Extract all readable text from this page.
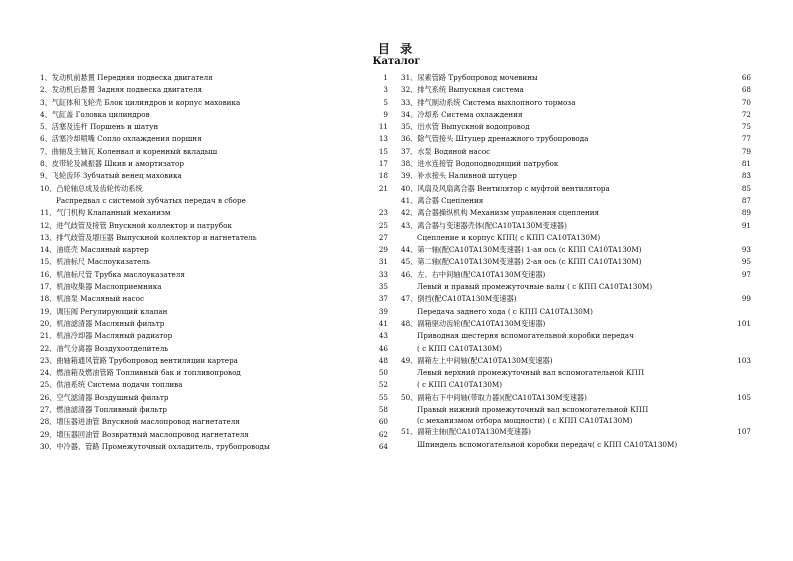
目 录
Каталог
1、发动机前悬置 Передняя подвеска двигателя	1
2、发动机后悬置 Задняя подвеска двигателя	3
3、气缸体和飞轮壳 Блок цилиндров и корпус маховика	5
4、气缸盖 Головка цилиндров	9
5、活塞及连杆 Поршень и шатун	11
6、活塞冷却喷嘴 Сопло охлаждения поршня	13
7、曲轴及主轴瓦 Коленвал и коренный вкладыш	15
8、皮带轮及减振器 Шкив и амортизатор	17
9、飞轮齿环 Зубчатый венец маховика	18
10、凸轮轴总成及齿轮传动系统	21
Распредвал с системой зубчатых передач в сборе
11、气门机构 Клапанный механизм	23
12、进气歧管及接管 Впускной коллектор и патрубок	25
13、排气歧管及增压器 Выпускной коллектор и нагнетатель	27
14、油底壳 Масляный картер	29
15、机油标尺 Маслоуказатель	31
16、机油标尺管 Трубка маслоуказателя	33
17、机油收集器 Маслоприемника	35
18、机油泵 Масляный насос	37
19、调压阀 Регулирующий клапан	39
20、机油滤清器 Масляный фильтр	41
21、机油冷却器 Масляный радиатор	43
22、油气分离器 Воздухоотделитель	46
23、曲轴箱通风管路 Трубопровод вентиляции картера	48
24、燃油箱及燃油管路 Топливный бак и топливопровод	50
25、供油系统 Система подачи топлива	52
26、空气滤清器 Воздушный фильтр	55
27、燃油滤清器 Топливный фильтр	58
28、增压器进油管 Впускной маслопровод нагнетателя	60
29、增压器回油管 Возвратный маслопровод нагнетателя	62
30、中冷器、管路 Промежуточный охладитель, трубопроводы	64
31、尿素管路 Трубопровод мочевины	66
32、排气系统 Выпускная система	68
33、排气制动系统 Система выхлопного тормоза	70
34、冷却系 Система охлаждения	72
35、出水管 Выпускной водопровод	75
36、除气管接头 Штуцер дренажного трубопровода	77
37、水泵 Водяной насос	79
38、进水连接管 Водоподводящий патрубок	81
39、补水接头 Наливной штуцер	83
40、风扇及风扇离合器 Вентилятор с муфтой вентилятора	85
41、离合器 Сцепления	87
42、离合器操纵机构 Механизм управления сцепления	89
43、离合器与变速器壳体(配CA10TA130M变速器)	91
Сцепление и корпус КПП( с КПП CA10TA130M)
44、第一轴(配CA10TA130M变速器) 1-ая ось (с КПП CA10TA130M)	93
45、第二轴(配CA10TA130M变速器) 2-ая ось (с КПП CA10TA130M)	95
46、左、右中间轴(配CA10TA130M变速器)	97
Левый и правый промежуточные валы ( с КПП CA10TA130M)
47、倒挡(配CA10TA130M变速器)	99
Передача заднего хода ( с КПП CA10TA130M)
48、副箱驱动齿轮(配CA10TA130M变速器)	101
Приводная шестерня вспомогательной коробки передач
( с КПП CA10TA130M)
49、副箱左上中间轴(配CA10TA130M变速器)	103
Левый верхний промежуточный вал вспомогательной КПП
( с КПП CA10TA130M)
50、副箱右下中间轴(带取力器)(配CA10TA130M变速器)	105
Правый нижний промежуточный вал вспомогательной КПП
(с механизмом отбора мощности) ( с КПП CA10TA130M)
51、副箱主轴(配CA10TA130M变速器)	107
Шпиндель вспомогательной коробки передач( с КПП CA10TA130M)
